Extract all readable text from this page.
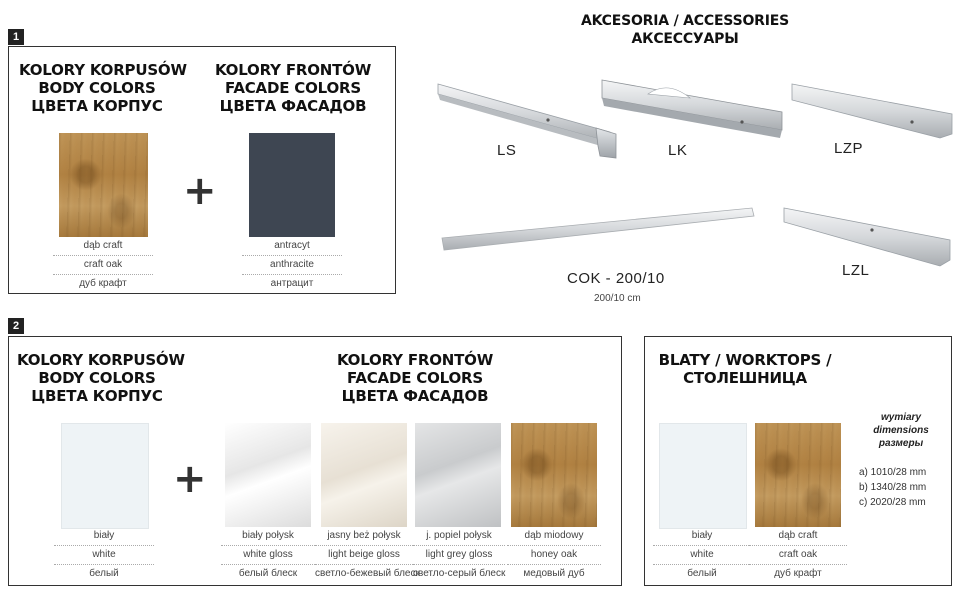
1
KOLORY KORPUSÓW
BODY COLORS
ЦВЕТА КОРПУС
KOLORY FRONTÓW
FACADE COLORS
ЦВЕТА ФАСАДОВ
+
dąb craft
craft oak
дуб крафт
antracyt
anthracite
антрацит
AKCESORIA / ACCESSORIES
АКСЕССУАРЫ
LS	LK	LZP
COK - 200/10
200/10 cm
LZL
2
KOLORY KORPUSÓW
BODY COLORS
ЦВЕТА КОРПУС
KOLORY FRONTÓW
FACADE COLORS
ЦВЕТА ФАСАДОВ
+
biały
white
белый
biały połysk
white gloss
белый блеск
jasny beż połysk
light beige gloss
светло-бежевый блеск
j. popiel połysk
light grey gloss
светло-серый блеск
dąb miodowy
honey oak
медовый дуб
BLATY / WORKTOPS /
СТОЛЕШНИЦА
biały
white
белый
dąb craft
craft oak
дуб крафт
wymiary
dimensions
размеры
a) 1010/28 mm
b) 1340/28 mm
c) 2020/28 mm
